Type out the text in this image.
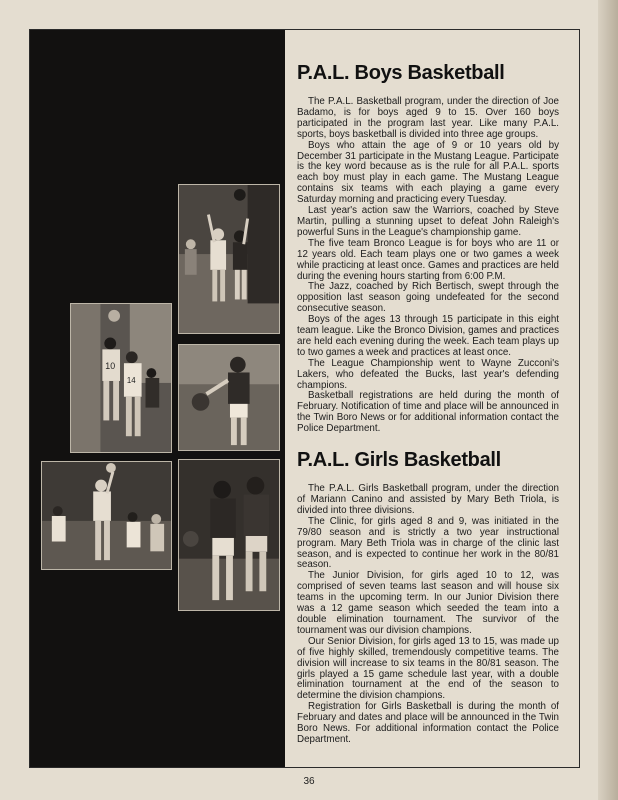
10
14
P.A.L. Boys Basketball

The P.A.L. Basketball program, under the direction of Joe Badamo, is for boys aged 9 to 15. Over 160 boys participated in the program last year. Like many P.A.L. sports, boys basketball is divided into three age groups.

Boys who attain the age of 9 or 10 years old by December 31 participate in the Mustang League. Participate is the key word because as is the rule for all P.A.L. sports each boy must play in each game. The Mustang League contains six teams with each playing a game every Saturday morning and practicing every Tuesday.

Last year's action saw the Warriors, coached by Steve Martin, pulling a stunning upset to defeat John Raleigh's powerful Suns in the League's championship game.

The five team Bronco League is for boys who are 11 or 12 years old. Each team plays one or two games a week while practicing at least once. Games and practices are held during the evening hours starting from 6:00 P.M.

The Jazz, coached by Rich Bertisch, swept through the opposition last season going undefeated for the second consecutive season.

Boys of the ages 13 through 15 participate in this eight team league. Like the Bronco Division, games and practices are held each evening during the week. Each team plays up to two games a week and practices at least once.

The League Championship went to Wayne Zucconi's Lakers, who defeated the Bucks, last year's defending champions.

Basketball registrations are held during the month of February. Notification of time and place will be announced in the Twin Boro News or for additional information contact the Police Department.

P.A.L. Girls Basketball

The P.A.L. Girls Basketball program, under the direction of Mariann Canino and assisted by Mary Beth Triola, is divided into three divisions.

The Clinic, for girls aged 8 and 9, was initiated in the 79/80 season and is strictly a two year instructional program. Mary Beth Triola was in charge of the clinic last season, and is expected to continue her work in the 80/81 season.

The Junior Division, for girls aged 10 to 12, was comprised of seven teams last season and will house six teams in the upcoming term. In our Junior Division there was a 12 game season which seeded the team into a double elimination tournament. The survivor of the tournament was our division champions.

Our Senior Division, for girls aged 13 to 15, was made up of five highly skilled, tremendously competitive teams. The division will increase to six teams in the 80/81 season. The girls played a 15 game schedule last year, with a double elimination tournament at the end of the season to determine the division champions.

Registration for Girls Basketball is during the month of February and dates and place will be announced in the Twin Boro News. For additional information contact the Police Department.

36
